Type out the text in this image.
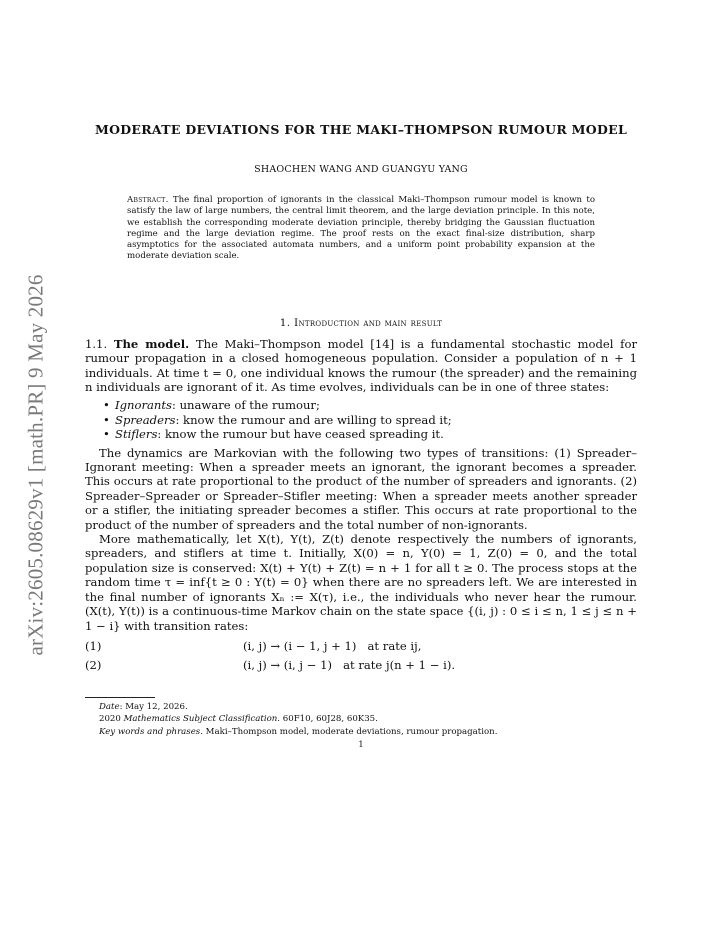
arXiv:2605.08629v1 [math.PR] 9 May 2026
MODERATE DEVIATIONS FOR THE MAKI–THOMPSON RUMOUR MODEL
SHAOCHEN WANG AND GUANGYU YANG
Abstract. The final proportion of ignorants in the classical Maki–Thompson rumour model is known to satisfy the law of large numbers, the central limit theorem, and the large deviation principle. In this note, we establish the corresponding moderate deviation principle, thereby bridging the Gaussian fluctuation regime and the large deviation regime. The proof rests on the exact final-size distribution, sharp asymptotics for the associated automata numbers, and a uniform point probability expansion at the moderate deviation scale.
1. Introduction and main result

1.1. The model. The Maki–Thompson model [14] is a fundamental stochastic model for rumour propagation in a closed homogeneous population. Consider a population of n + 1 individuals. At time t = 0, one individual knows the rumour (the spreader) and the remaining n individuals are ignorant of it. As time evolves, individuals can be in one of three states:

• Ignorants: unaware of the rumour;
• Spreaders: know the rumour and are willing to spread it;
• Stiflers: know the rumour but have ceased spreading it.

The dynamics are Markovian with the following two types of transitions: (1) Spreader–Ignorant meeting: When a spreader meets an ignorant, the ignorant becomes a spreader. This occurs at rate proportional to the product of the number of spreaders and ignorants. (2) Spreader–Spreader or Spreader–Stifler meeting: When a spreader meets another spreader or a stifler, the initiating spreader becomes a stifler. This occurs at rate proportional to the product of the number of spreaders and the total number of non-ignorants.

More mathematically, let X(t), Y(t), Z(t) denote respectively the numbers of ignorants, spreaders, and stiflers at time t. Initially, X(0) = n, Y(0) = 1, Z(0) = 0, and the total population size is conserved: X(t) + Y(t) + Z(t) = n + 1 for all t ≥ 0. The process stops at the random time τ = inf{t ≥ 0 : Y(t) = 0} when there are no spreaders left. We are interested in the final number of ignorants Xₙ := X(τ), i.e., the individuals who never hear the rumour. (X(t), Y(t)) is a continuous-time Markov chain on the state space {(i, j) : 0 ≤ i ≤ n, 1 ≤ j ≤ n + 1 − i} with transition rates:

(1)	(i, j) → (i − 1, j + 1) at rate ij,
(2)	(i, j) → (i, j − 1) at rate j(n + 1 − i).
Date: May 12, 2026.
2020 Mathematics Subject Classification. 60F10, 60J28, 60K35.
Key words and phrases. Maki–Thompson model, moderate deviations, rumour propagation.
1
